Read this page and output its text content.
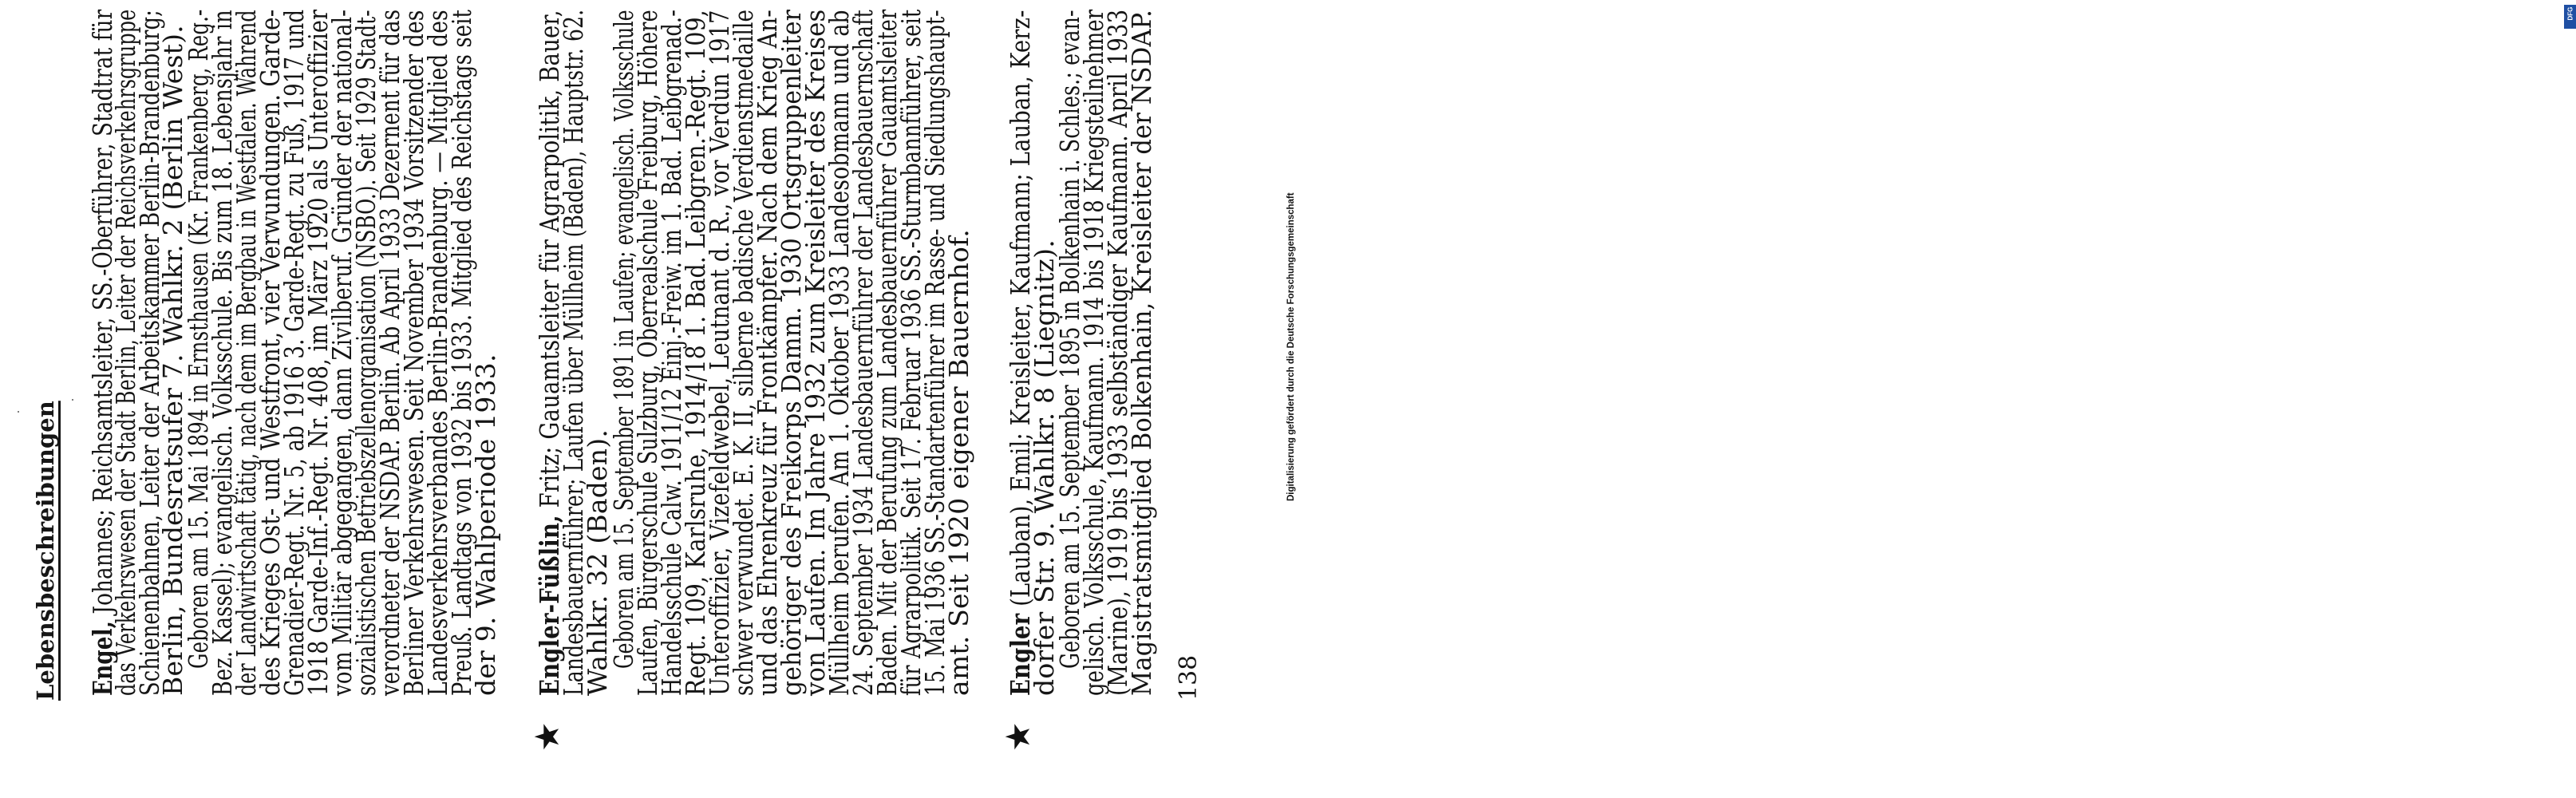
Lebensbeschreibungen Engel, Johannes; Reichsamtsleiter, SS.-Oberführer, Stadtrat für
das Verkehrswesen der Stadt Berlin, Leiter der Reichsverkehrsgruppe
Schienenbahnen, Leiter der Arbeitskammer Berlin-Brandenburg;
Berlin, Bundesratsufer 7. Wahlkr. 2 (Berlin West).
Geboren am 15. Mai 1894 in Ernsthausen (Kr. Frankenberg, Reg.-
Bez. Kassel); evangelisch. Volksschule. Bis zum 18. Lebensjahr in
der Landwirtschaft tätig, nach dem im Bergbau in Westfalen. Während
des Krieges Ost- und Westfront, vier Verwundungen. Garde-
Grenadier-Regt. Nr. 5, ab 1916 3. Garde-Regt. zu Fuß, 1917 und
1918 Garde-Inf.-Regt. Nr. 408, im März 1920 als Unteroffizier
vom Militär abgegangen, dann Zivilberuf. Gründer der national-
sozialistischen Betriebszellenorganisation (NSBO.). Seit 1929 Stadt-
verordneter der NSDAP. Berlin. Ab April 1933 Dezernent für das
Berliner Verkehrswesen. Seit November 1934 Vorsitzender des
Landesverkehrsverbandes Berlin-Brandenburg. — Mitglied des
Preuß. Landtags von 1932 bis 1933. Mitglied des Reichstags seit
der 9. Wahlperiode 1933.
★
Engler-Füßlin, Fritz; Gauamtsleiter für Agrarpolitik, Bauer,
Landesbauernführer; Laufen über Müllheim (Baden), Hauptstr. 62.
Wahlkr. 32 (Baden).
Geboren am 15. September 1891 in Laufen; evangelisch. Volksschule
Laufen, Bürgerschule Sulzburg, Oberrealschule Freiburg, Höhere
Handelsschule Calw. 1911/12 Einj.-Freiw. im 1. Bad. Leibgrenad.-
Regt. 109, Karlsruhe, 1914/18 1. Bad. Leibgren.-Regt. 109,
Unteroffizier, Vizefeldwebel, Leutnant d. R., vor Verdun 1917
schwer verwundet. E. K. II, silberne badische Verdienstmedaille
und das Ehrenkreuz für Frontkämpfer. Nach dem Krieg An-
gehöriger des Freikorps Damm. 1930 Ortsgruppenleiter
von Laufen. Im Jahre 1932 zum Kreisleiter des Kreises
Müllheim berufen. Am 1. Oktober 1933 Landesobmann und ab
24. September 1934 Landesbauernführer der Landesbauernschaft
Baden. Mit der Berufung zum Landesbauernführer Gauamtsleiter
für Agrarpolitik. Seit 17. Februar 1936 SS.-Sturmbannführer, seit
15. Mai 1936 SS.-Standartenführer im Rasse- und Siedlungshaupt-
amt. Seit 1920 eigener Bauernhof.
★
Engler (Lauban), Emil; Kreisleiter, Kaufmann; Lauban, Kerz-
dorfer Str. 9. Wahlkr. 8 (Liegnitz).
Geboren am 15. September 1895 in Bolkenhain i. Schles.; evan-
gelisch. Volksschule, Kaufmann. 1914 bis 1918 Kriegsteilnehmer
(Marine), 1919 bis 1933 selbständiger Kaufmann. April 1933
Magistratsmitglied Bolkenhain, Kreisleiter der NSDAP. 138
DFG
Digitalisierung gefördert durch die Deutsche Forschungsgemeinschaft
